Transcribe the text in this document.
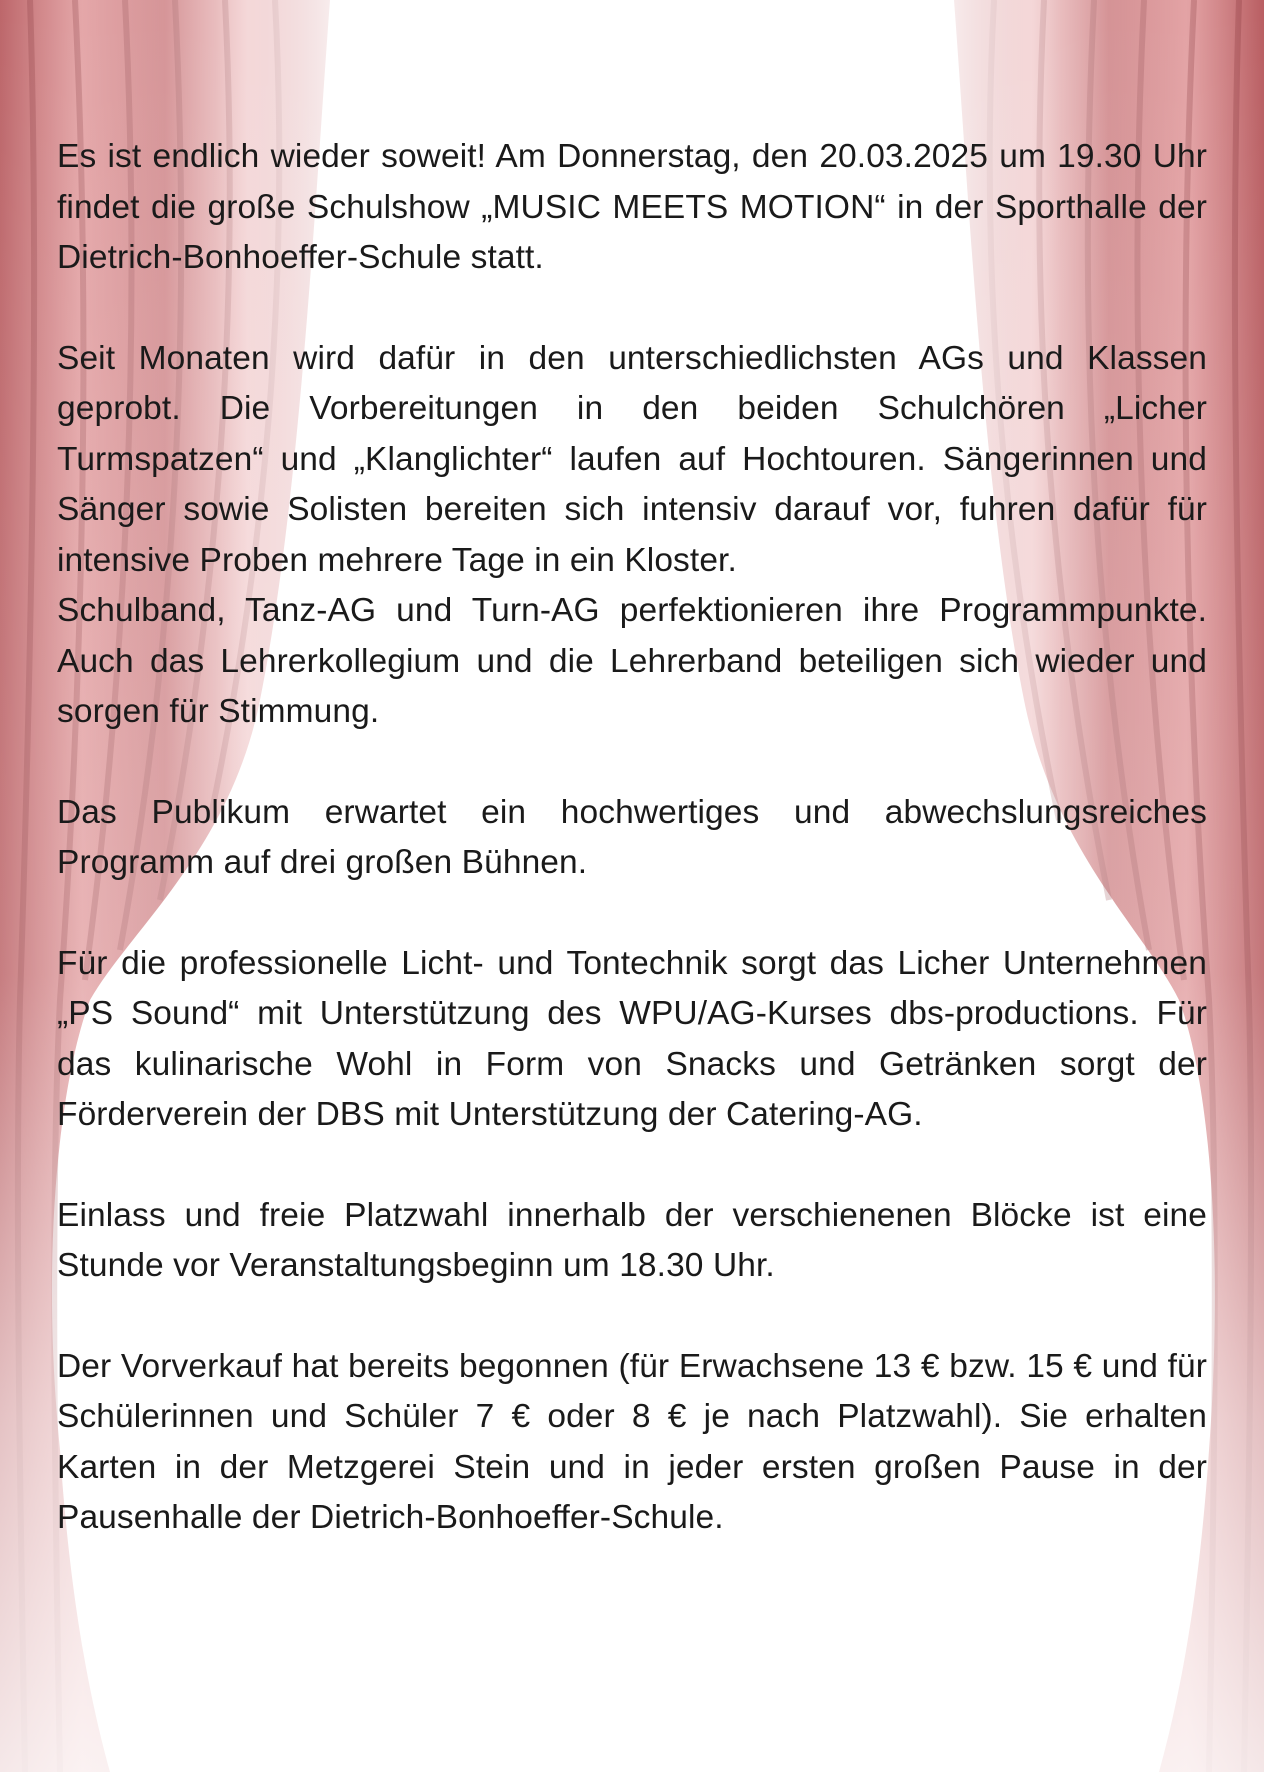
Es ist endlich wieder soweit! Am Donnerstag, den 20.03.2025 um 19.30 Uhr findet die große Schulshow „MUSIC MEETS MOTION“ in der Sporthalle der Dietrich-Bonhoeffer-Schule statt.

Seit Monaten wird dafür in den unterschiedlichsten AGs und Klassen geprobt. Die Vorbereitungen in den beiden Schulchören „Licher Turmspatzen“ und „Klanglichter“ laufen auf Hochtouren. Sängerinnen und Sänger sowie Solisten bereiten sich intensiv darauf vor, fuhren dafür für intensive Proben mehrere Tage in ein Kloster.

Schulband, Tanz-AG und Turn-AG perfektionieren ihre Programmpunkte. Auch das Lehrerkollegium und die Lehrerband beteiligen sich wieder und sorgen für Stimmung.

Das Publikum erwartet ein hochwertiges und abwechslungsreiches Programm auf drei großen Bühnen.

Für die professionelle Licht- und Tontechnik sorgt das Licher Unternehmen „PS Sound“ mit Unterstützung des WPU/AG-Kurses dbs-productions. Für das kulinarische Wohl in Form von Snacks und Getränken sorgt der Förderverein der DBS mit Unterstützung der Catering-AG.

Einlass und freie Platzwahl innerhalb der verschienenen Blöcke ist eine Stunde vor Veranstaltungsbeginn um 18.30 Uhr.

Der Vorverkauf hat bereits begonnen (für Erwachsene 13 € bzw. 15 € und für Schülerinnen und Schüler 7 € oder 8 € je nach Platzwahl). Sie erhalten Karten in der Metzgerei Stein und in jeder ersten großen Pause in der Pausenhalle der Dietrich-Bonhoeffer-Schule.
